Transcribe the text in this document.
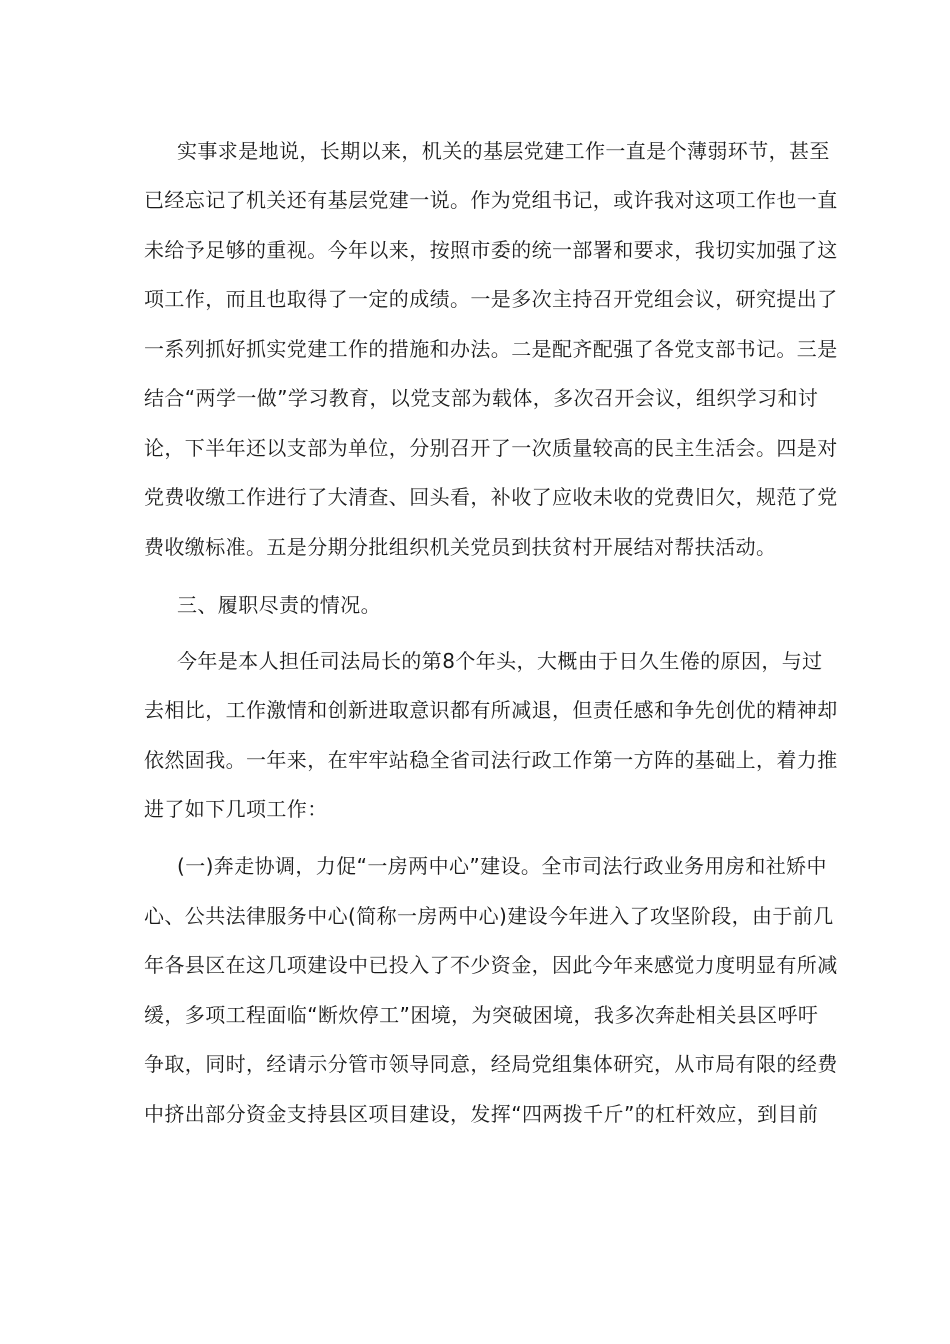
实事求是地说，长期以来，机关的基层党建工作一直是个薄弱环节，甚至
已经忘记了机关还有基层党建一说。作为党组书记，或许我对这项工作也一直
未给予足够的重视。今年以来，按照市委的统一部署和要求，我切实加强了这
项工作，而且也取得了一定的成绩。一是多次主持召开党组会议，研究提出了
一系列抓好抓实党建工作的措施和办法。二是配齐配强了各党支部书记。三是
结合“两学一做”学习教育，以党支部为载体，多次召开会议，组织学习和讨
论，下半年还以支部为单位，分别召开了一次质量较高的民主生活会。四是对
党费收缴工作进行了大清查、回头看，补收了应收未收的党费旧欠，规范了党
费收缴标准。五是分期分批组织机关党员到扶贫村开展结对帮扶活动。
三、履职尽责的情况。
今年是本人担任司法局长的第8个年头，大概由于日久生倦的原因，与过
去相比，工作激情和创新进取意识都有所减退，但责任感和争先创优的精神却
依然固我。一年来，在牢牢站稳全省司法行政工作第一方阵的基础上，着力推
进了如下几项工作：
(一)奔走协调，力促“一房两中心”建设。全市司法行政业务用房和社矫中
心、公共法律服务中心(简称一房两中心)建设今年进入了攻坚阶段，由于前几
年各县区在这几项建设中已投入了不少资金，因此今年来感觉力度明显有所减
缓，多项工程面临“断炊停工”困境，为突破困境，我多次奔赴相关县区呼吁
争取，同时，经请示分管市领导同意，经局党组集体研究，从市局有限的经费
中挤出部分资金支持县区项目建设，发挥“四两拨千斤”的杠杆效应，到目前
